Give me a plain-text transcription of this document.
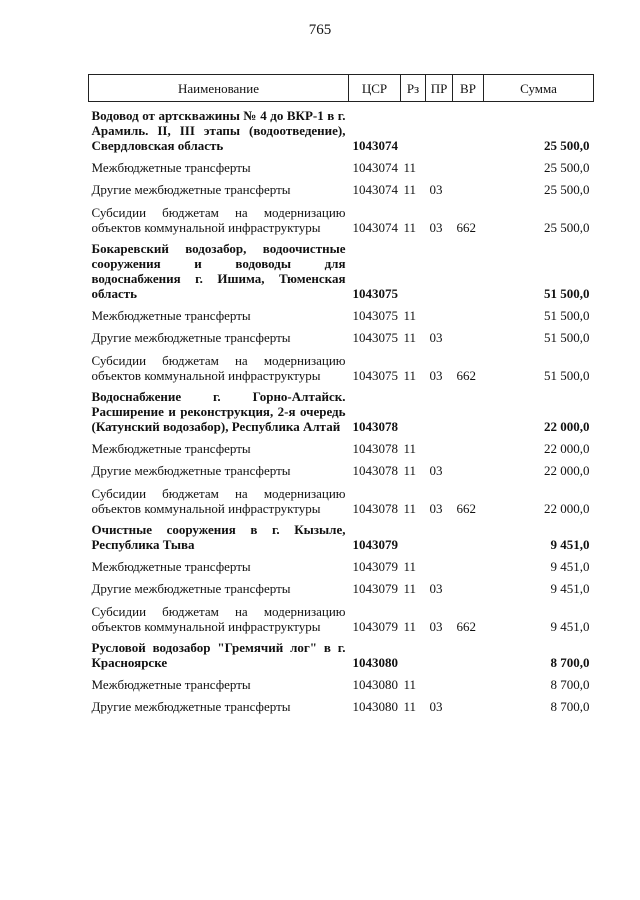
765
Наименование	ЦСР	Рз	ПР	ВР	Сумма
Водовод от артскважины № 4 до ВКР-1 в г. Арамиль. II, III этапы (водоотведение), Свердловская область	1043074				25 500,0
Межбюджетные трансферты	1043074	11			25 500,0
Другие межбюджетные трансферты	1043074	11	03		25 500,0
Субсидии бюджетам на модернизацию объектов коммунальной инфраструктуры	1043074	11	03	662	25 500,0
Бокаревский водозабор, водоочистные сооружения и водоводы для водоснабжения г. Ишима, Тюменская область	1043075				51 500,0
Межбюджетные трансферты	1043075	11			51 500,0
Другие межбюджетные трансферты	1043075	11	03		51 500,0
Субсидии бюджетам на модернизацию объектов коммунальной инфраструктуры	1043075	11	03	662	51 500,0
Водоснабжение г. Горно-Алтайск. Расширение и реконструкция, 2-я очередь (Катунский водозабор), Республика Алтай	1043078				22 000,0
Межбюджетные трансферты	1043078	11			22 000,0
Другие межбюджетные трансферты	1043078	11	03		22 000,0
Субсидии бюджетам на модернизацию объектов коммунальной инфраструктуры	1043078	11	03	662	22 000,0
Очистные сооружения в г. Кызыле, Республика Тыва	1043079				9 451,0
Межбюджетные трансферты	1043079	11			9 451,0
Другие межбюджетные трансферты	1043079	11	03		9 451,0
Субсидии бюджетам на модернизацию объектов коммунальной инфраструктуры	1043079	11	03	662	9 451,0
Русловой водозабор "Гремячий лог" в г. Красноярске	1043080				8 700,0
Межбюджетные трансферты	1043080	11			8 700,0
Другие межбюджетные трансферты	1043080	11	03		8 700,0
